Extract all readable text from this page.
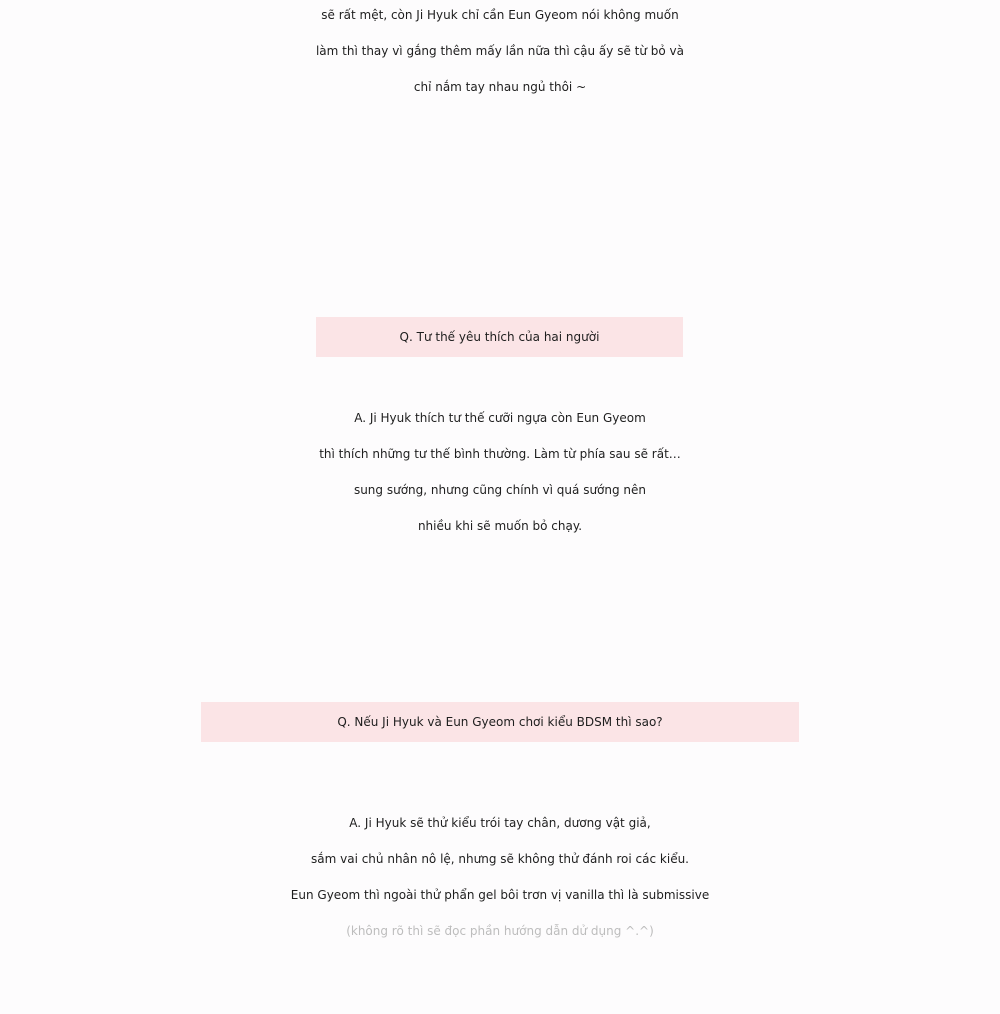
sẽ rất mệt, còn Ji Hyuk chỉ cần Eun Gyeom nói không muốn
làm thì thay vì gắng thêm mấy lần nữa thì cậu ấy sẽ từ bỏ và
chỉ nắm tay nhau ngủ thôi ~
Q. Tư thế yêu thích của hai người
A. Ji Hyuk thích tư thế cưỡi ngựa còn Eun Gyeom
thì thích những tư thế bình thường. Làm từ phía sau sẽ rất…
sung sướng, nhưng cũng chính vì quá sướng nên
nhiều khi sẽ muốn bỏ chạy.
Q. Nếu Ji Hyuk và Eun Gyeom chơi kiểu BDSM thì sao?
A. Ji Hyuk sẽ thử kiểu trói tay chân, dương vật giả,
sắm vai chủ nhân nô lệ, nhưng sẽ không thử đánh roi các kiểu.
Eun Gyeom thì ngoài thử phẩn gel bôi trơn vị vanilla thì là submissive
(không rõ thì sẽ đọc phần hướng dẫn dử dụng ^.^)
